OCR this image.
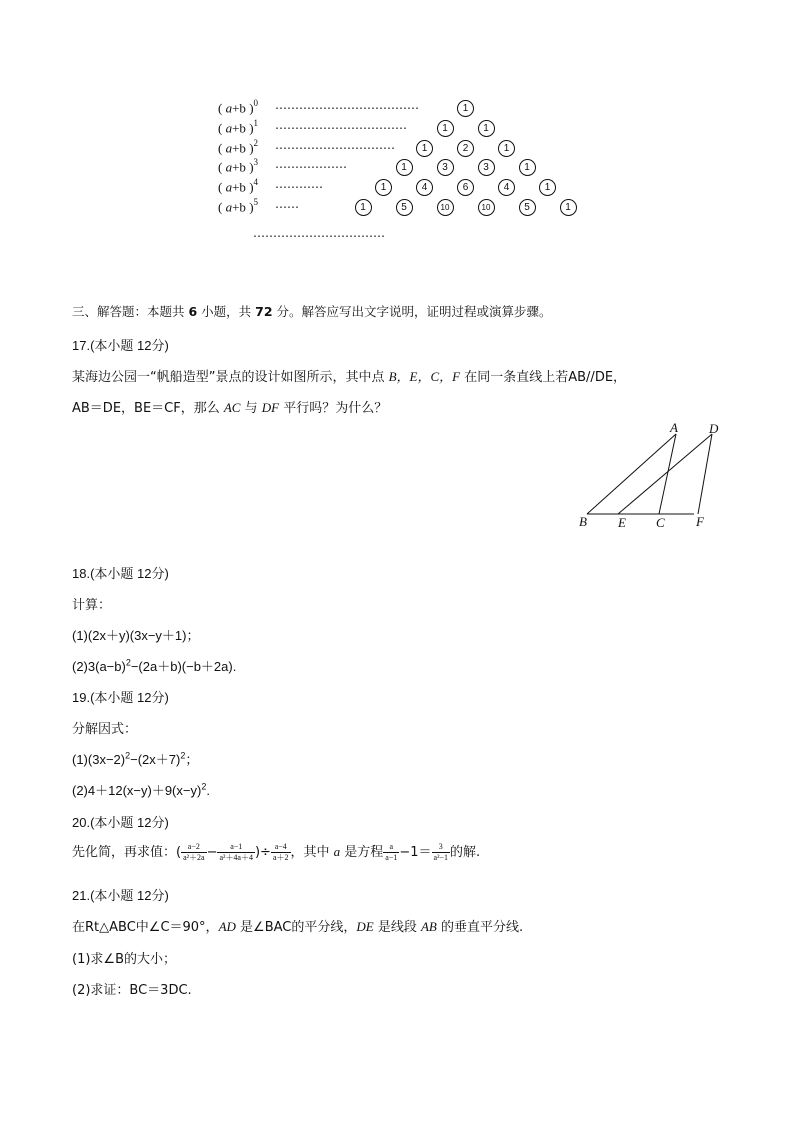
( a+b )$^0$ ………………………………	1
( a+b )$^1$ ……………………………	1	1
( a+b )$^2$ …………………………	1	2	1
( a+b )$^3$ ………………	1	3	3	1
( a+b )$^4$ …………	1	4	6	4	1
( a+b )$^5$ ……	1	5	10	10	5	1
……………………………
三、解答题：本题共 6 小题，共 72 分。解答应写出文字说明，证明过程或演算步骤。
17.(本小题 12分)
某海边公园一“帆船造型”景点的设计如图所示，其中点 B，E，C，F 在同一条直线上若AB//DE，
AB＝DE，BE＝CF，那么 AC 与 DF 平行吗？为什么？
A D
B E C F
18.(本小题 12分)
计算：
(1)(2x＋y)(3x−y＋1)；
$(2)3(a-b)^2-(2a+b)(-b+2a)$.
19.(本小题 12分)
分解因式：
$(1)(3x-2)^2-(2x+7)^2$；
$(2)4+12(x-y)+9(x-y)^2$.
20.(本小题 12分)
先化简，再求值：( $\frac{a-2}{\text{a²＋2a}} - \frac{a-1}{\text{a²＋4a＋4}}$ )÷ $\frac{a-4}{a+2}$ ，其中 a 是方程 $\frac{a}{a-1} -1= \frac{3}{\text{a²−1}}$ 的解.
21.(本小题 12分)
在Rt△ABC中∠C＝90°，AD 是∠BAC的平分线，DE 是线段 AB 的垂直平分线.
(1)求∠B的大小；
(2)求证：BC＝3DC.
